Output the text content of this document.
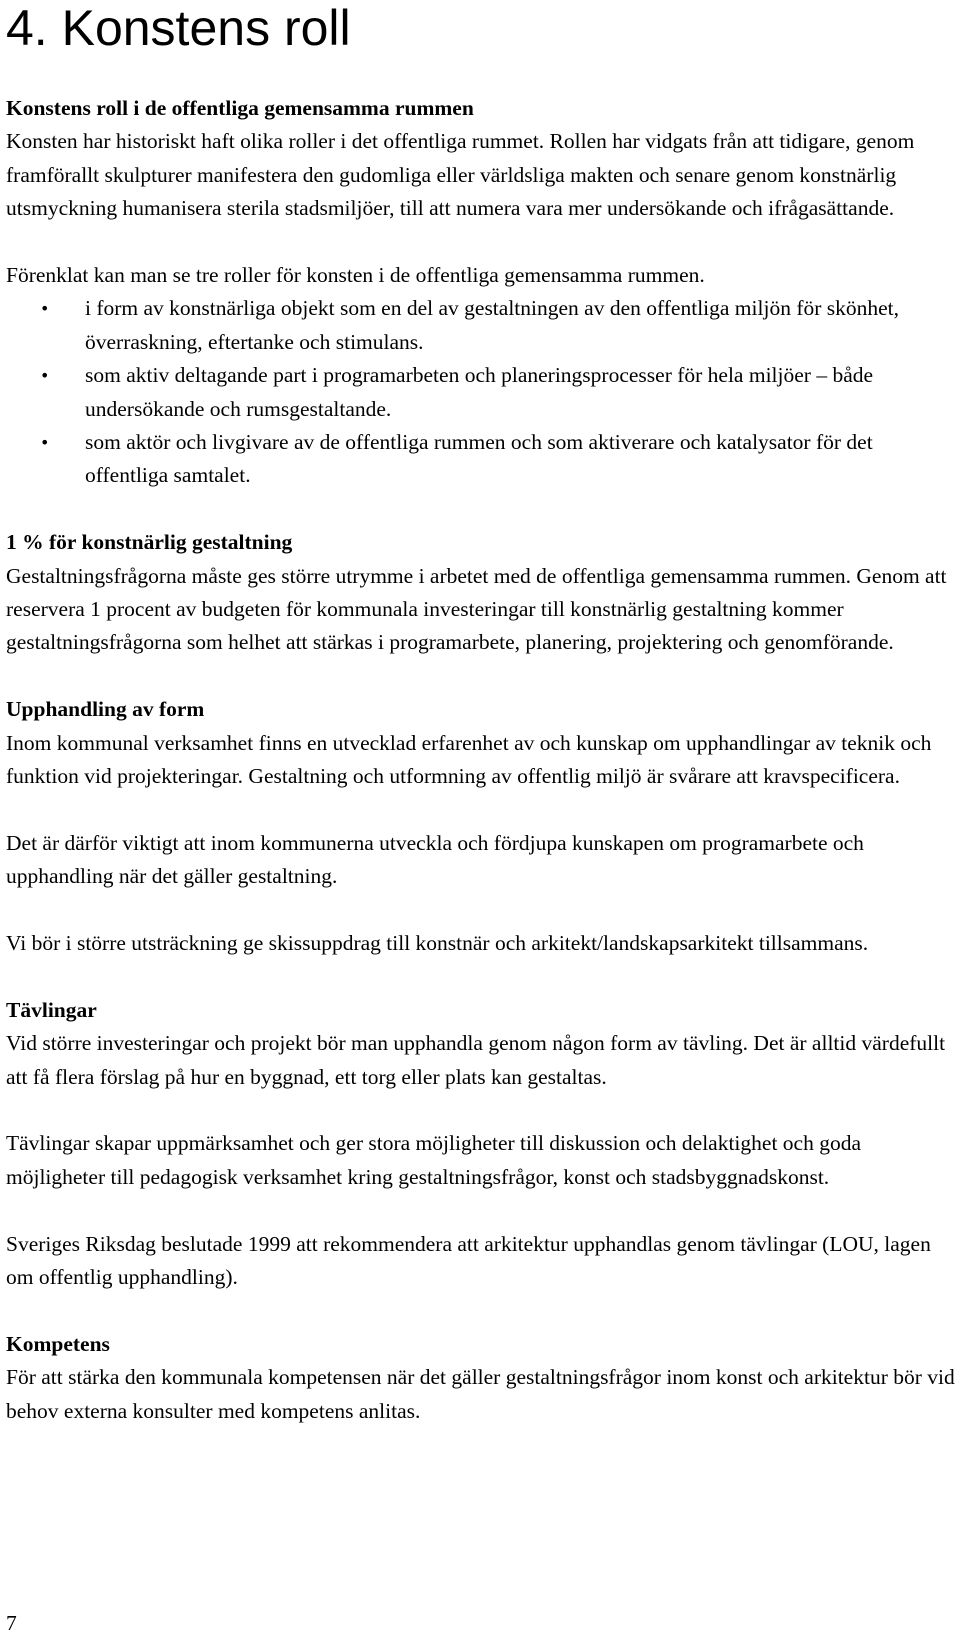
4. Konstens roll
Konstens roll i de offentliga gemensamma rummen

Konsten har historiskt haft olika roller i det offentliga rummet. Rollen har vidgats från att tidigare, genom framförallt skulpturer manifestera den gudomliga eller världsliga makten och senare genom konstnärlig utsmyckning humanisera sterila stadsmiljöer, till att numera vara mer undersökande och ifrågasättande.

Förenklat kan man se tre roller för konsten i de offentliga gemensamma rummen.

• i form av konstnärliga objekt som en del av gestaltningen av den offentliga miljön för skönhet, överraskning, eftertanke och stimulans.
• som aktiv deltagande part i programarbeten och planeringsprocesser för hela miljöer – både undersökande och rumsgestaltande.
• som aktör och livgivare av de offentliga rummen och som aktiverare och katalysator för det offentliga samtalet.
1 % för konstnärlig gestaltning

Gestaltningsfrågorna måste ges större utrymme i arbetet med de offentliga gemensamma rummen. Genom att reservera 1 procent av budgeten för kommunala investeringar till konstnärlig gestaltning kommer gestaltningsfrågorna som helhet att stärkas i programarbete, planering, projektering och genomförande.

Upphandling av form

Inom kommunal verksamhet finns en utvecklad erfarenhet av och kunskap om upphandlingar av teknik och funktion vid projekteringar. Gestaltning och utformning av offentlig miljö är svårare att kravspecificera.

Det är därför viktigt att inom kommunerna utveckla och fördjupa kunskapen om programarbete och upphandling när det gäller gestaltning.

Vi bör i större utsträckning ge skissuppdrag till konstnär och arkitekt/landskapsarkitekt tillsammans.

Tävlingar

Vid större investeringar och projekt bör man upphandla genom någon form av tävling. Det är alltid värdefullt att få flera förslag på hur en byggnad, ett torg eller plats kan gestaltas.

Tävlingar skapar uppmärksamhet och ger stora möjligheter till diskussion och delaktighet och goda möjligheter till pedagogisk verksamhet kring gestaltningsfrågor, konst och stadsbyggnadskonst.

Sveriges Riksdag beslutade 1999 att rekommendera att arkitektur upphandlas genom tävlingar (LOU, lagen om offentlig upphandling).

Kompetens

För att stärka den kommunala kompetensen när det gäller gestaltningsfrågor inom konst och arkitektur bör vid behov externa konsulter med kompetens anlitas.

7
